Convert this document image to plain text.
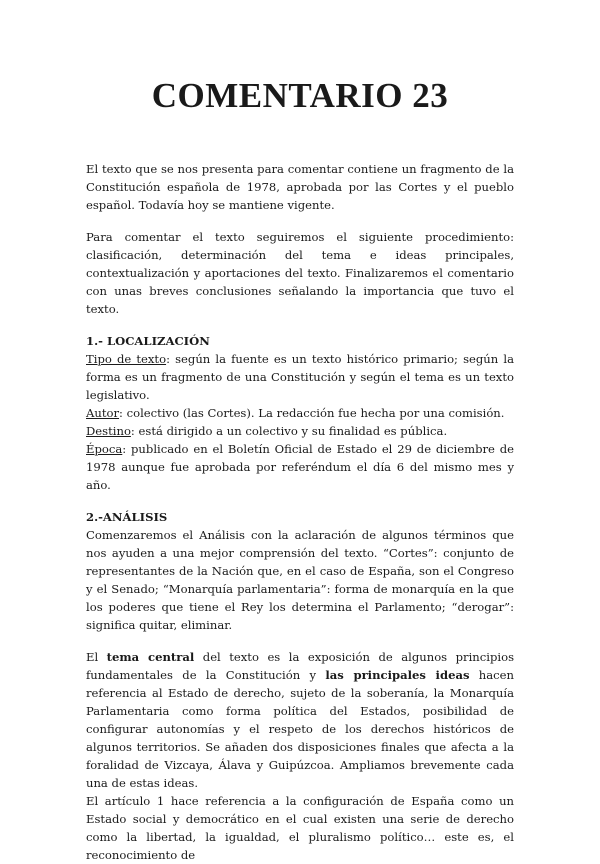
COMENTARIO 23

El texto que se nos presenta para comentar contiene un fragmento de la Constitución española de 1978, aprobada por las Cortes y el pueblo español. Todavía hoy se mantiene vigente.

Para comentar el texto seguiremos el siguiente procedimiento: clasificación, determinación del tema e ideas principales, contextualización y aportaciones del texto. Finalizaremos el comentario con unas breves conclusiones señalando la importancia que tuvo el texto.

1.- LOCALIZACIÓN

Tipo de texto: según la fuente es un texto histórico primario; según la forma es un fragmento de una Constitución y según el tema es un texto legislativo.

Autor: colectivo (las Cortes). La redacción fue hecha por una comisión.

Destino: está dirigido a un colectivo y su finalidad es pública.

Época: publicado en el Boletín Oficial de Estado el 29 de diciembre de 1978 aunque fue aprobada por referéndum el día 6 del mismo mes y año.

2.-ANÁLISIS

Comenzaremos el Análisis con la aclaración de algunos términos que nos ayuden a una mejor comprensión del texto. “Cortes”: conjunto de representantes de la Nación que, en el caso de España, son el Congreso y el Senado; “Monarquía parlamentaria”: forma de monarquía en la que los poderes que tiene el Rey los determina el Parlamento; “derogar”: significa quitar, eliminar.

El tema central del texto es la exposición de algunos principios fundamentales de la Constitución y las principales ideas hacen referencia al Estado de derecho, sujeto de la soberanía, la Monarquía Parlamentaria como forma política del Estados, posibilidad de configurar autonomías y el respeto de los derechos históricos de algunos territorios. Se añaden dos disposiciones finales que afecta a la foralidad de Vizcaya, Álava y Guipúzcoa. Ampliamos brevemente cada una de estas ideas.

El artículo 1 hace referencia a la configuración de España como un Estado social y democrático en el cual existen una serie de derecho como la libertad, la igualdad, el pluralismo político… este es, el reconocimiento de
